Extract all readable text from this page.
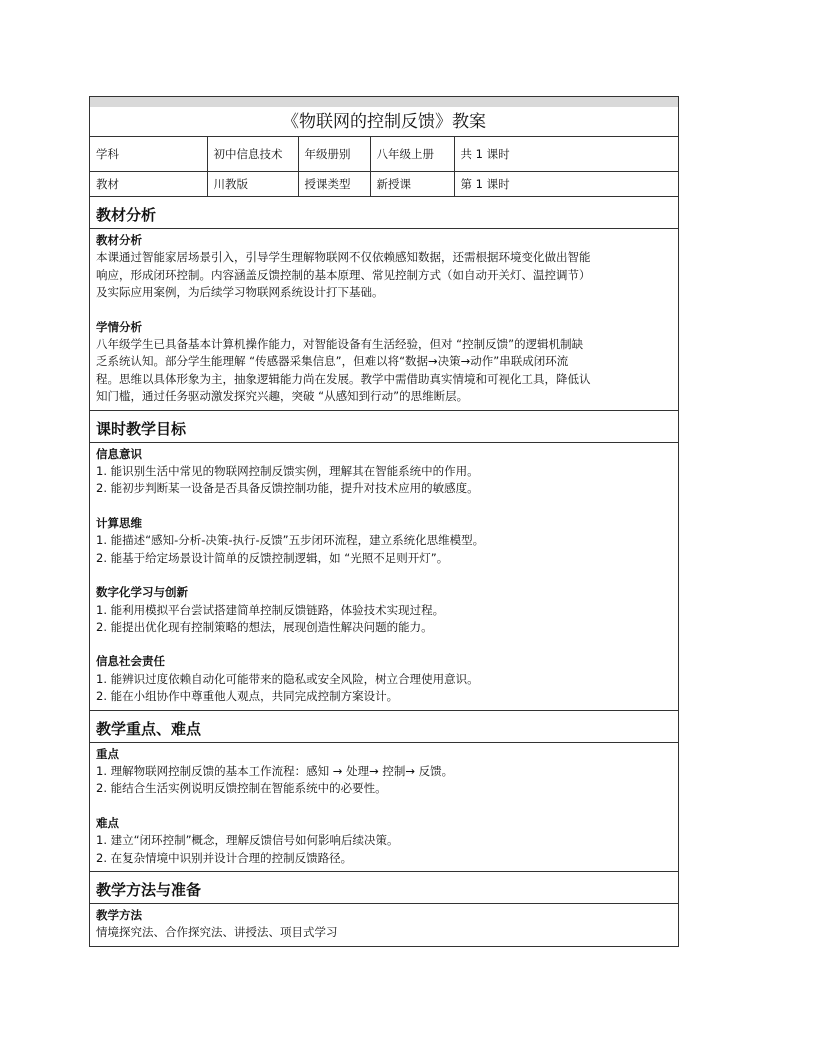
《物联网的控制反馈》教案
学科	初中信息技术	年级册别	八年级上册	共 1 课时
教材	川教版	授课类型	新授课	第 1 课时
教材分析
教材分析
本课通过智能家居场景引入，引导学生理解物联网不仅依赖感知数据，还需根据环境变化做出智能
响应，形成闭环控制。内容涵盖反馈控制的基本原理、常见控制方式（如自动开关灯、温控调节）
及实际应用案例，为后续学习物联网系统设计打下基础。
学情分析
八年级学生已具备基本计算机操作能力，对智能设备有生活经验，但对 “控制反馈”的逻辑机制缺
乏系统认知。部分学生能理解 “传感器采集信息”，但难以将“数据→决策→动作”串联成闭环流
程。思维以具体形象为主，抽象逻辑能力尚在发展。教学中需借助真实情境和可视化工具，降低认
知门槛，通过任务驱动激发探究兴趣，突破 “从感知到行动”的思维断层。
课时教学目标
信息意识
1. 能识别生活中常见的物联网控制反馈实例，理解其在智能系统中的作用。
2. 能初步判断某一设备是否具备反馈控制功能，提升对技术应用的敏感度。
计算思维
1. 能描述“感知-分析-决策-执行-反馈”五步闭环流程，建立系统化思维模型。
2. 能基于给定场景设计简单的反馈控制逻辑，如 “光照不足则开灯”。
数字化学习与创新
1. 能利用模拟平台尝试搭建简单控制反馈链路，体验技术实现过程。
2. 能提出优化现有控制策略的想法，展现创造性解决问题的能力。
信息社会责任
1. 能辨识过度依赖自动化可能带来的隐私或安全风险，树立合理使用意识。
2. 能在小组协作中尊重他人观点，共同完成控制方案设计。
教学重点、难点
重点
1. 理解物联网控制反馈的基本工作流程：感知 → 处理→ 控制→ 反馈。
2. 能结合生活实例说明反馈控制在智能系统中的必要性。
难点
1. 建立“闭环控制”概念，理解反馈信号如何影响后续决策。
2. 在复杂情境中识别并设计合理的控制反馈路径。
教学方法与准备
教学方法
情境探究法、合作探究法、讲授法、项目式学习
